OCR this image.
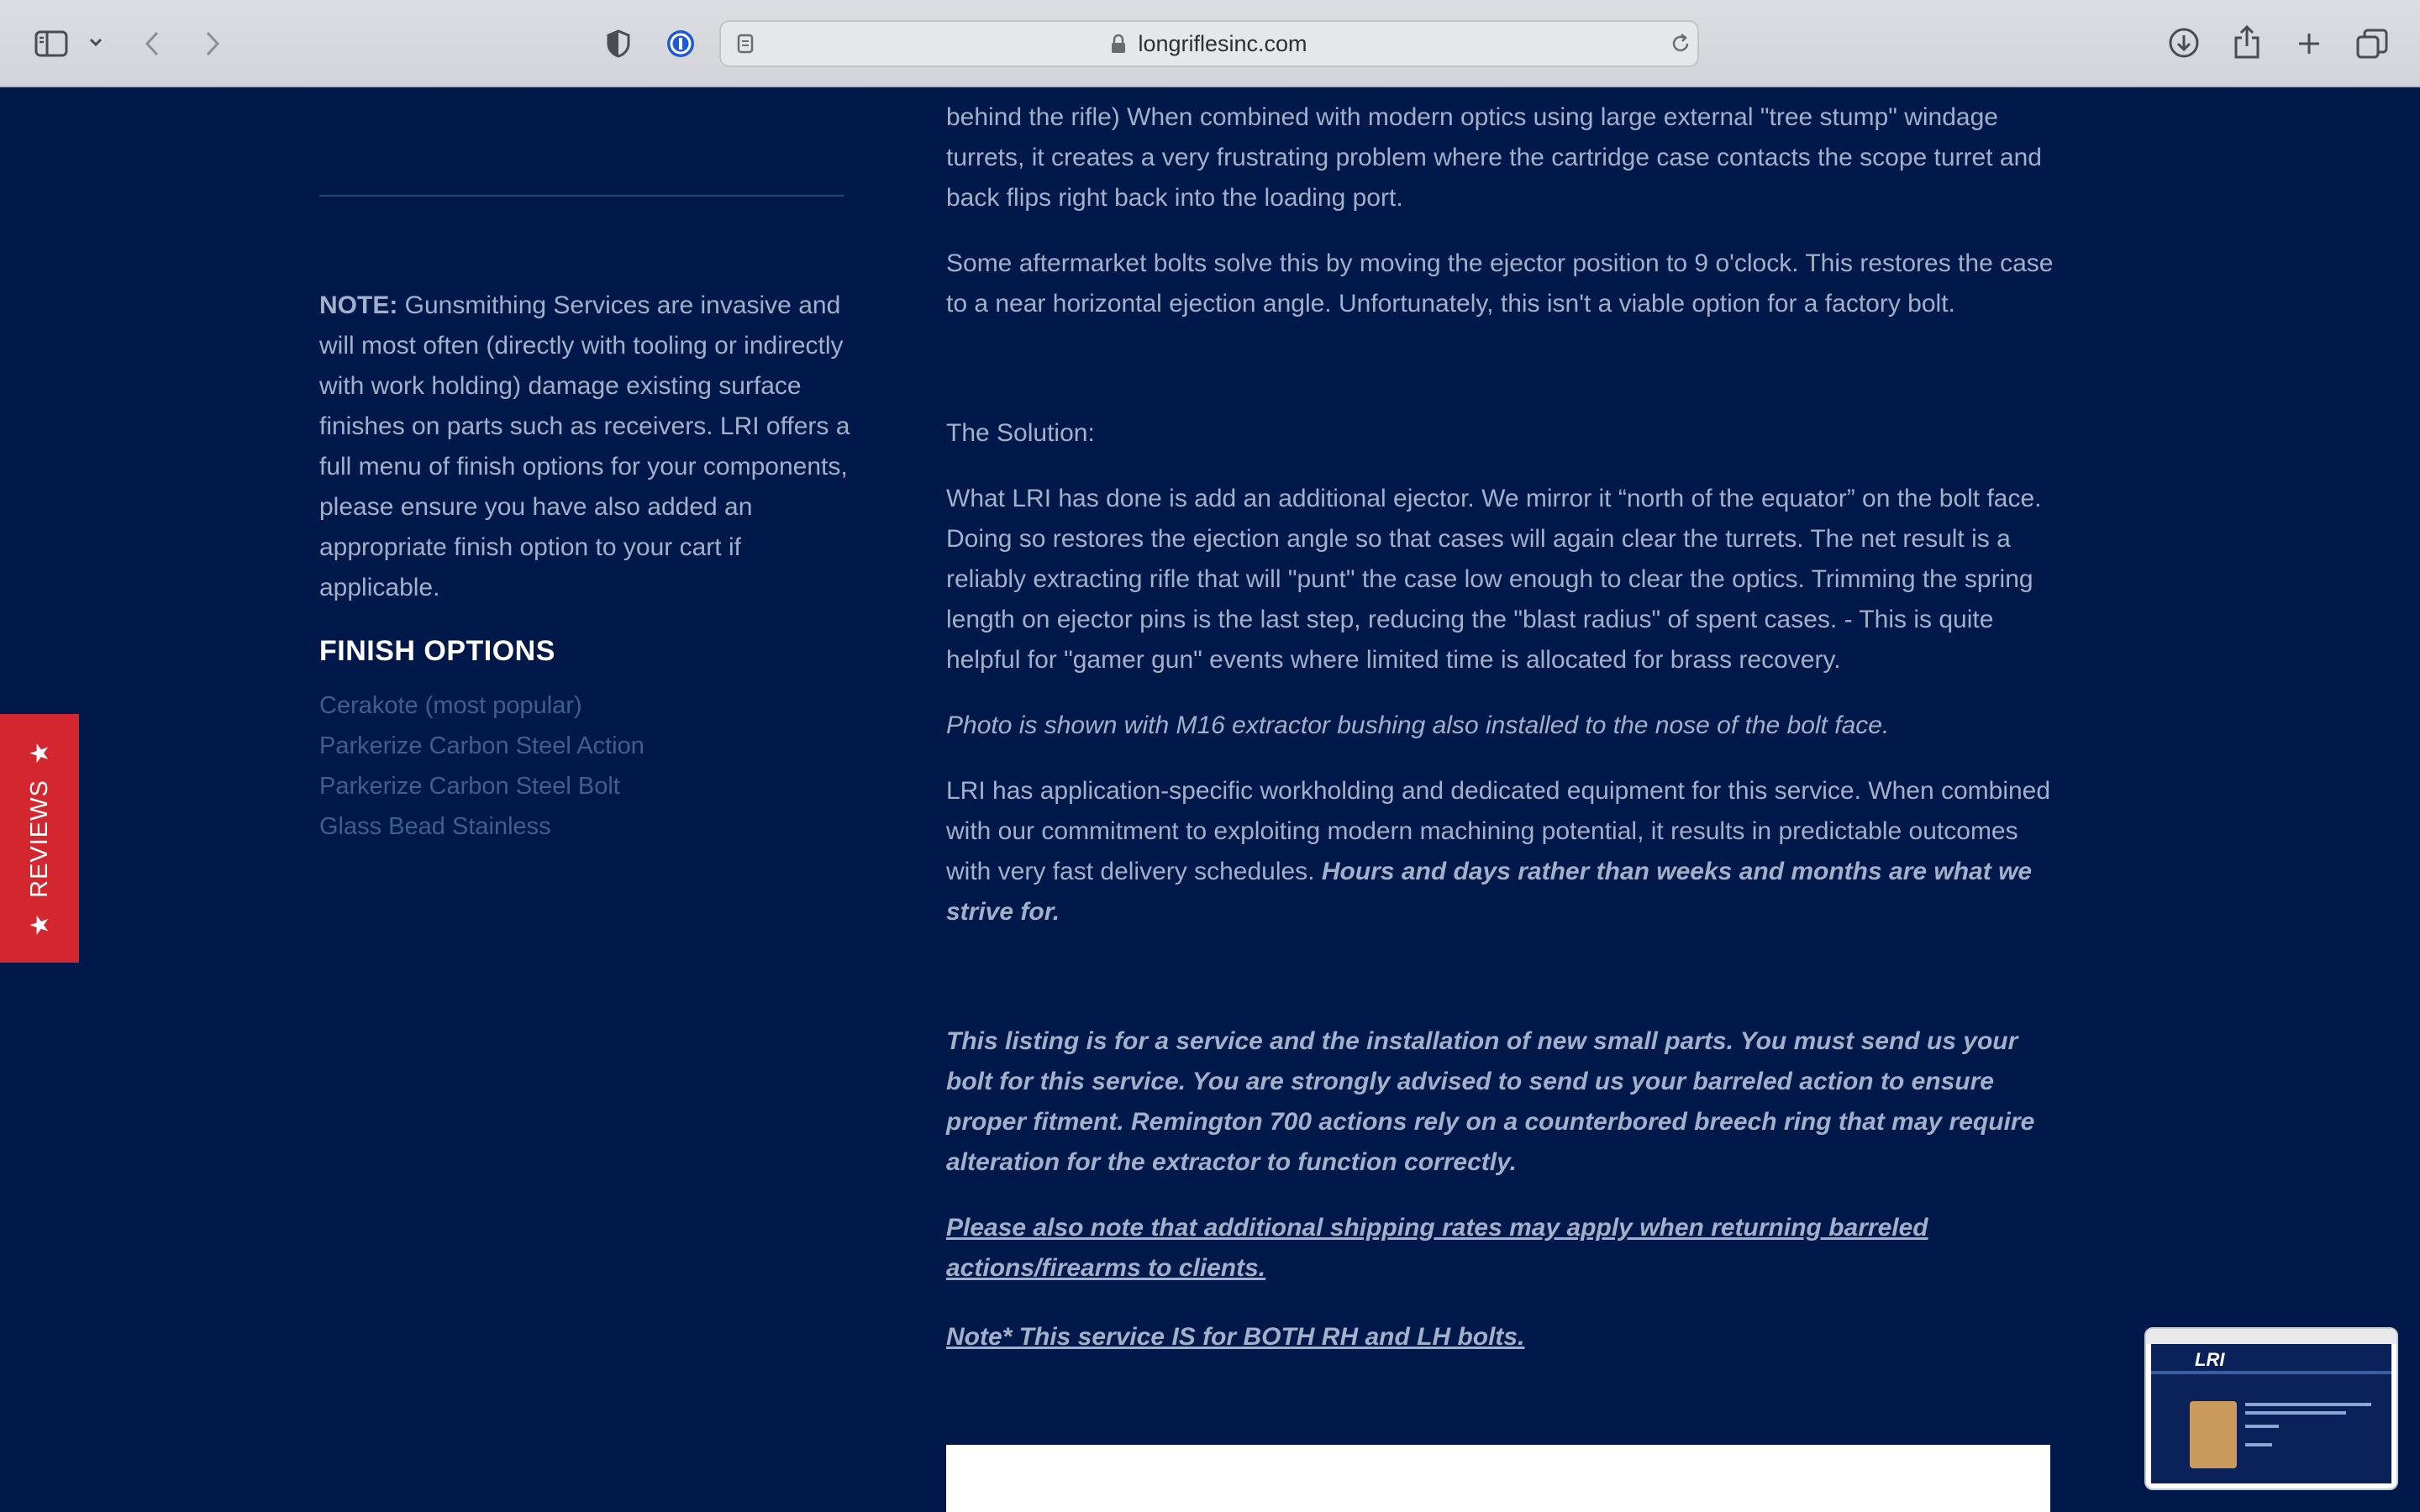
longriflesinc.com

NOTE: Gunsmithing Services are invasive and will most often (directly with tooling or indirectly with work holding) damage existing surface finishes on parts such as receivers. LRI offers a full menu of finish options for your components, please ensure you have also added an appropriate finish option to your cart if applicable.

FINISH OPTIONS
Cerakote (most popular)
Parkerize Carbon Steel Action
Parkerize Carbon Steel Bolt
Glass Bead Stainless

behind the rifle) When combined with modern optics using large external "tree stump" windage turrets, it creates a very frustrating problem where the cartridge case contacts the scope turret and back flips right back into the loading port.

Some aftermarket bolts solve this by moving the ejector position to 9 o'clock. This restores the case to a near horizontal ejection angle. Unfortunately, this isn't a viable option for a factory bolt.

The Solution:

What LRI has done is add an additional ejector. We mirror it “north of the equator” on the bolt face. Doing so restores the ejection angle so that cases will again clear the turrets. The net result is a reliably extracting rifle that will "punt" the case low enough to clear the optics. Trimming the spring length on ejector pins is the last step, reducing the "blast radius" of spent cases. - This is quite helpful for "gamer gun" events where limited time is allocated for brass recovery.

Photo is shown with M16 extractor bushing also installed to the nose of the bolt face.

LRI has application-specific workholding and dedicated equipment for this service. When combined with our commitment to exploiting modern machining potential, it results in predictable outcomes with very fast delivery schedules. Hours and days rather than weeks and months are what we strive for.

This listing is for a service and the installation of new small parts. You must send us your bolt for this service. You are strongly advised to send us your barreled action to ensure proper fitment. Remington 700 actions rely on a counterbored breech ring that may require alteration for the extractor to function correctly.

Please also note that additional shipping rates may apply when returning barreled actions/firearms to clients.

Note* This service IS for BOTH RH and LH bolts.

★
REVIEWS
★
LRI
